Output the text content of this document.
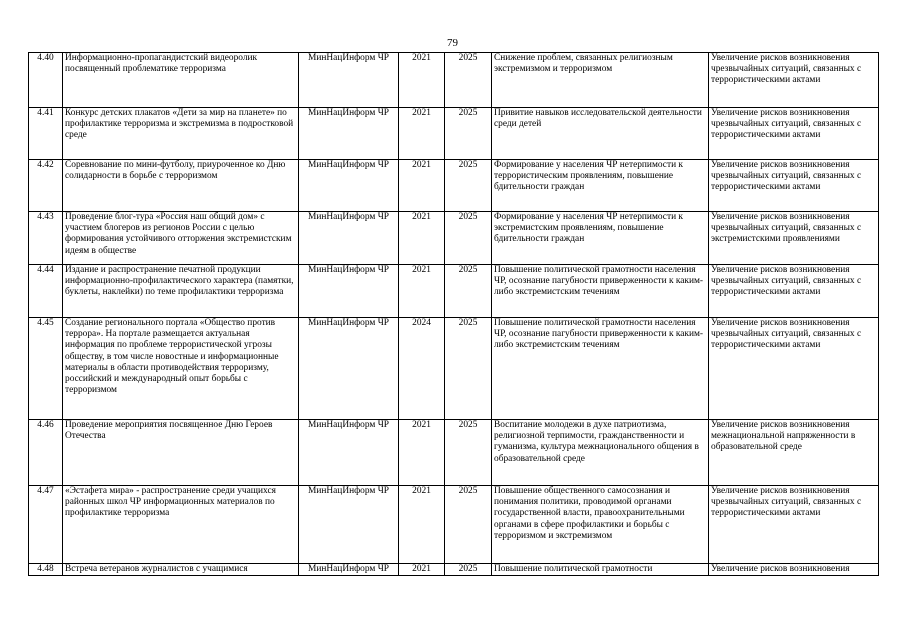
79
4.40	Информационно-пропагандистский видеоролик посвященный проблематике терроризма	МинНацИнформ ЧР	2021	2025	Снижение проблем, связанных религиозным экстремизмом и терроризмом	Увеличение рисков возникновения чрезвычайных ситуаций, связанных с террористическими актами
4.41	Конкурс детских плакатов «Дети за мир на планете» по профилактике терроризма и экстремизма в подростковой среде	МинНацИнформ ЧР	2021	2025	Привитие навыков исследовательской деятельности среди детей	Увеличение рисков возникновения чрезвычайных ситуаций, связанных с террористическими актами
4.42	Соревнование по мини-футболу, приуроченное ко Дню солидарности в борьбе с терроризмом	МинНацИнформ ЧР	2021	2025	Формирование у населения ЧР нетерпимости к террористическим проявлениям, повышение бдительности граждан	Увеличение рисков возникновения чрезвычайных ситуаций, связанных с террористическими актами
4.43	Проведение блог-тура «Россия наш общий дом» с участием блогеров из регионов России с целью формирования устойчивого отторжения экстремистским идеям в обществе	МинНацИнформ ЧР	2021	2025	Формирование у населения ЧР нетерпимости к экстремистским проявлениям, повышение бдительности граждан	Увеличение рисков возникновения чрезвычайных ситуаций, связанных с экстремистскими проявлениями
4.44	Издание и распространение печатной продукции информационно-профилактического характера (памятки, буклеты, наклейки) по теме профилактики терроризма	МинНацИнформ ЧР	2021	2025	Повышение политической грамотности населения ЧР, осознание пагубности приверженности к каким-либо экстремистским течениям	Увеличение рисков возникновения чрезвычайных ситуаций, связанных с террористическими актами
4.45	Создание регионального портала «Общество против террора». На портале размещается актуальная информация по проблеме террористической угрозы обществу, в том числе новостные и информационные материалы в области противодействия терроризму, российский и международный опыт борьбы с терроризмом	МинНацИнформ ЧР	2024	2025	Повышение политической грамотности населения ЧР, осознание пагубности приверженности к каким-либо экстремистским течениям	Увеличение рисков возникновения чрезвычайных ситуаций, связанных с террористическими актами
4.46	Проведение мероприятия посвященное Дню Героев Отечества	МинНацИнформ ЧР	2021	2025	Воспитание молодежи в духе патриотизма, религиозной терпимости, гражданственности и гуманизма, культура межнационального общения в образовательной среде	Увеличение рисков возникновения межнациональной напряженности в образовательной среде
4.47	«Эстафета мира» - распространение среди учащихся районных школ ЧР информационных материалов по профилактике терроризма	МинНацИнформ ЧР	2021	2025	Повышение общественного самосознания и понимания политики, проводимой органами государственной власти, правоохранительными органами в сфере профилактики и борьбы с терроризмом и экстремизмом	Увеличение рисков возникновения чрезвычайных ситуаций, связанных с террористическими актами
4.48	Встреча ветеранов журналистов с учащимися	МинНацИнформ ЧР	2021	2025	Повышение политической грамотности	Увеличение рисков возникновения
